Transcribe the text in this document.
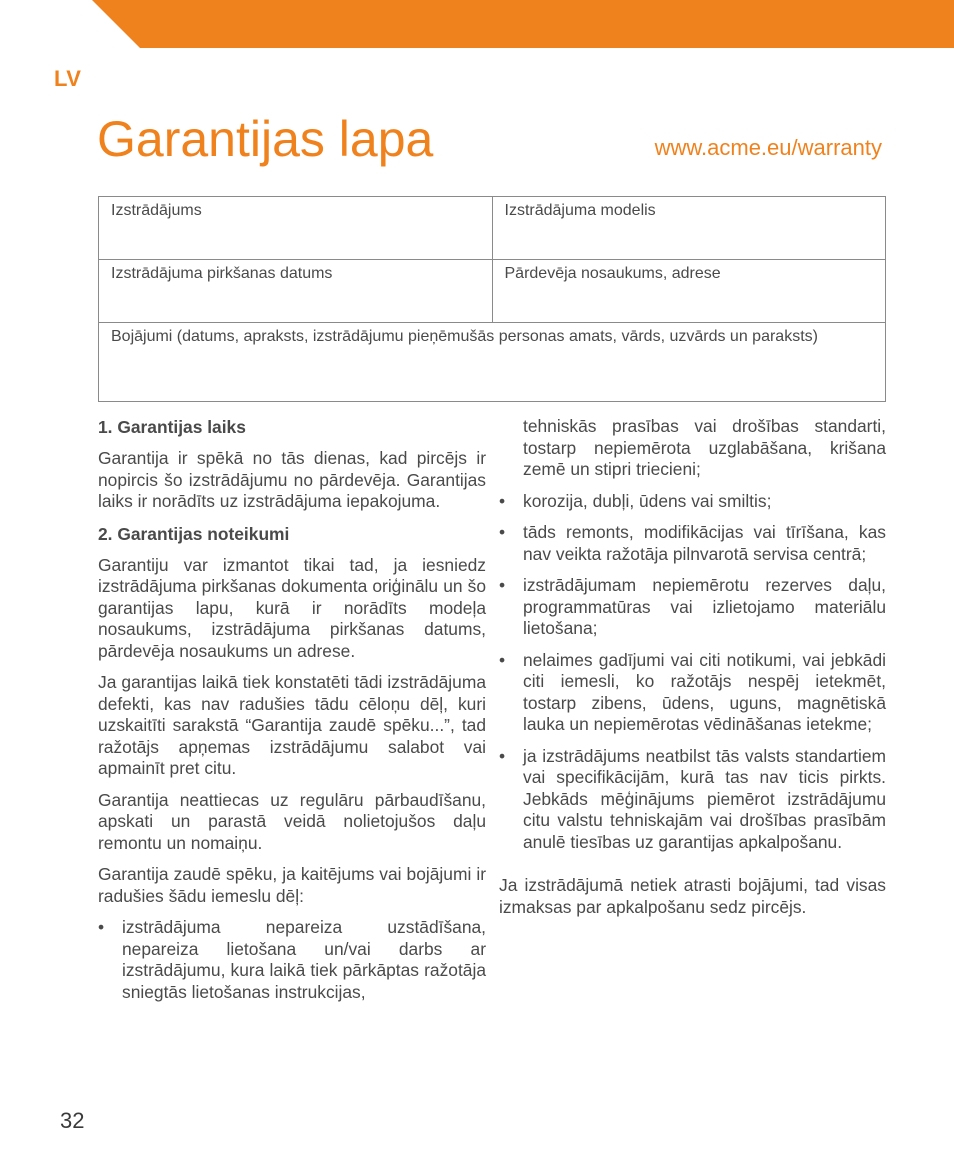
LV
Garantijas lapa	www.acme.eu/warranty
Izstrādājums	Izstrādājuma modelis
Izstrādājuma pirkšanas datums	Pārdevēja nosaukums, adrese
Bojājumi (datums, apraksts, izstrādājumu pieņēmušās personas amats, vārds, uzvārds un paraksts)	
1. Garantijas laiks

Garantija ir spēkā no tās dienas, kad pircējs ir nopircis šo izstrādājumu no pārdevēja. Garantijas laiks ir norādīts uz izstrādājuma iepakojuma.

2. Garantijas noteikumi

Garantiju var izmantot tikai tad, ja iesniedz izstrādājuma pirkšanas dokumenta oriģinālu un šo garantijas lapu, kurā ir norādīts modeļa nosaukums, izstrādājuma pirkšanas datums, pārdevēja nosaukums un adrese.

Ja garantijas laikā tiek konstatēti tādi izstrādājuma defekti, kas nav radušies tādu cēloņu dēļ, kuri uzskaitīti sarakstā “Garantija zaudē spēku...”, tad ražotājs apņemas izstrādājumu salabot vai apmainīt pret citu.

Garantija neattiecas uz regulāru pārbaudīšanu, apskati un parastā veidā nolietojušos daļu remontu un nomaiņu.

Garantija zaudē spēku, ja kaitējums vai bojājumi ir radušies šādu iemeslu dēļ:

• izstrādājuma nepareiza uzstādīšana, nepareiza lietošana un/vai darbs ar izstrādājumu, kura laikā tiek pārkāptas ražotāja sniegtās lietošanas instrukcijas,

tehniskās prasības vai drošības standarti, tostarp nepiemērota uzglabāšana, krišana zemē un stipri triecieni;

• korozija, dubļi, ūdens vai smiltis;
• tāds remonts, modifikācijas vai tīrīšana, kas nav veikta ražotāja pilnvarotā servisa centrā;
• izstrādājumam nepiemērotu rezerves daļu, programmatūras vai izlietojamo materiālu lietošana;
• nelaimes gadījumi vai citi notikumi, vai jebkādi citi iemesli, ko ražotājs nespēj ietekmēt, tostarp zibens, ūdens, uguns, magnētiskā lauka un nepiemērotas vēdināšanas ietekme;
• ja izstrādājums neatbilst tās valsts standartiem vai specifikācijām, kurā tas nav ticis pirkts. Jebkāds mēģinājums piemērot izstrādājumu citu valstu tehniskajām vai drošības prasībām anulē tiesības uz garantijas apkalpošanu.

Ja izstrādājumā netiek atrasti bojājumi, tad visas izmaksas par apkalpošanu sedz pircējs.

32
